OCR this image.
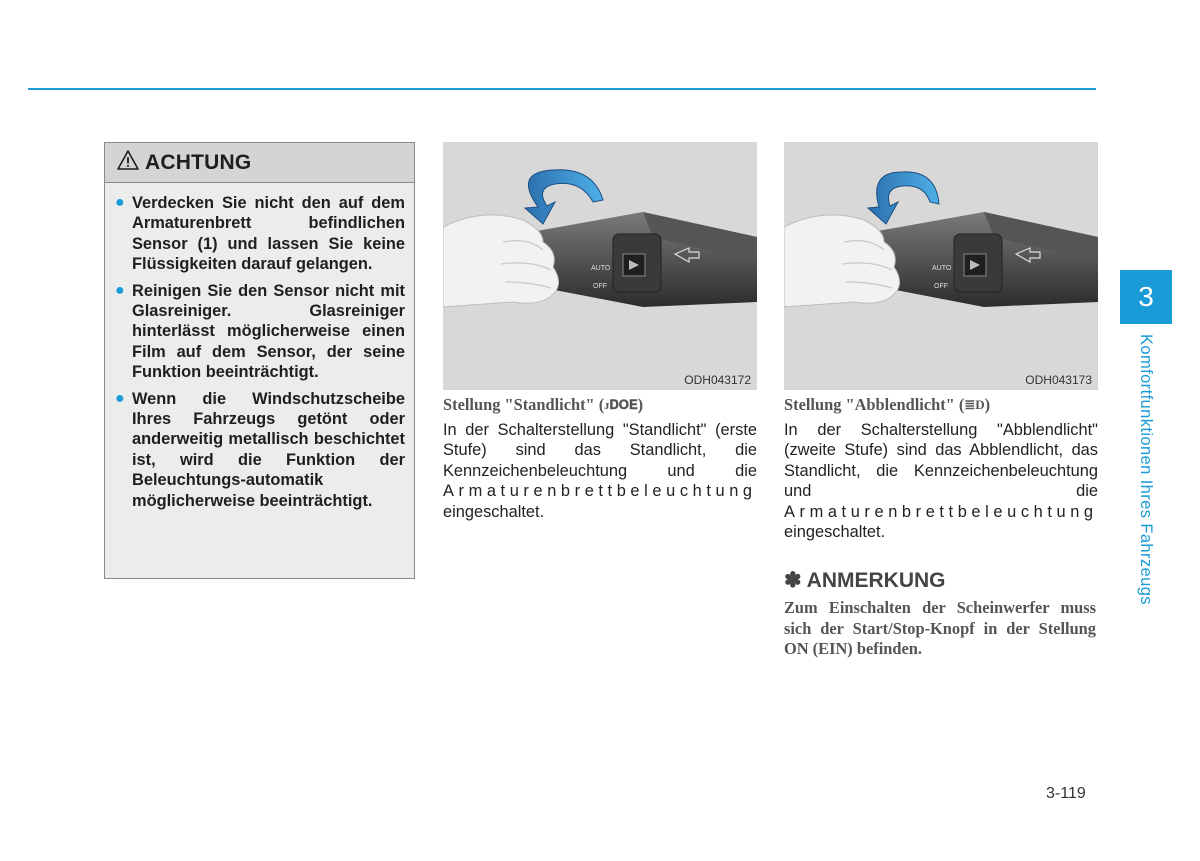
ACHTUNG
● Verdecken Sie nicht den auf dem Armaturenbrett befindlichen Sensor (1) und lassen Sie keine Flüssigkeiten darauf gelangen.
● Reinigen Sie den Sensor nicht mit Glasreiniger. Glasreiniger hinterlässt möglicherweise einen Film auf dem Sensor, der seine Funktion beeinträchtigt.
● Wenn die Windschutzscheibe Ihres Fahrzeugs getönt oder anderweitig metallisch beschichtet ist, wird die Funktion der Beleuchtungs-automatik möglicherweise beeinträchtigt.
AUTO
OFF
ODH043172
AUTO
OFF
ODH043173
Stellung "Standlicht" (ᴊ𝐃𝐎𝐄)
In der Schalterstellung "Standlicht" (erste Stufe) sind das Standlicht, die Kennzeichenbeleuchtung und die Armaturenbrettbeleuchtung
eingeschaltet.
Stellung "Abblendlicht" (≣D)
In der Schalterstellung "Abblendlicht" (zweite Stufe) sind das Abblendlicht, das Standlicht, die Kennzeichenbeleuchtung und die Armaturenbrettbeleuchtung
eingeschaltet.
✽ ANMERKUNG
Zum Einschalten der Scheinwerfer muss sich der Start/Stop-Knopf in der Stellung ON (EIN) befinden.
3
Komfortfunktionen Ihres Fahrzeugs
3-119
